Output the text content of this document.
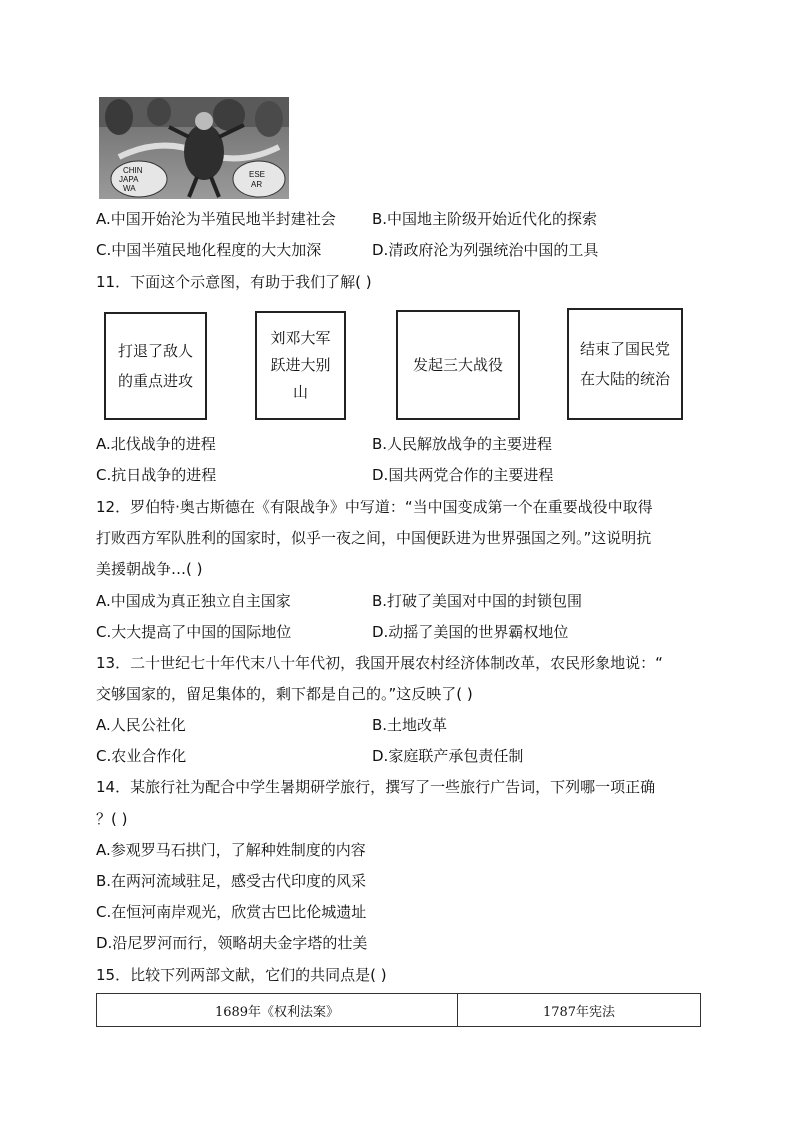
CHIN
JAPA
WA
ESE
AR
A.中国开始沦为半殖民地半封建社会 B.中国地主阶级开始近代化的探索
C.中国半殖民地化程度的大大加深	D.清政府沦为列强统治中国的工具
11．下面这个示意图，有助于我们了解( )
打退了敌人
的重点进攻
刘邓大军
跃进大别
山
发起三大战役
结束了国民党
在大陆的统治
A.北伐战争的进程	B.人民解放战争的主要进程
C.抗日战争的进程	D.国共两党合作的主要进程
12．罗伯特·奥古斯德在《有限战争》中写道：“当中国变成第一个在重要战役中取得
打败西方军队胜利的国家时，似乎一夜之间，中国便跃进为世界强国之列。”这说明抗
美援朝战争…( )
A.中国成为真正独立自主国家	B.打破了美国对中国的封锁包围
C.大大提高了中国的国际地位	D.动摇了美国的世界霸权地位
13．二十世纪七十年代末八十年代初，我国开展农村经济体制改革，农民形象地说：“
交够国家的，留足集体的，剩下都是自己的。”这反映了( )
A.人民公社化	B.土地改革
C.农业合作化	D.家庭联产承包责任制
14．某旅行社为配合中学生暑期研学旅行，撰写了一些旅行广告词，下列哪一项正确
？( )
A.参观罗马石拱门，了解种姓制度的内容
B.在两河流域驻足，感受古代印度的风采
C.在恒河南岸观光，欣赏古巴比伦城遗址
D.沿尼罗河而行，领略胡夫金字塔的壮美
15．比较下列两部文献，它们的共同点是( )
1689年《权利法案》	1787年宪法
